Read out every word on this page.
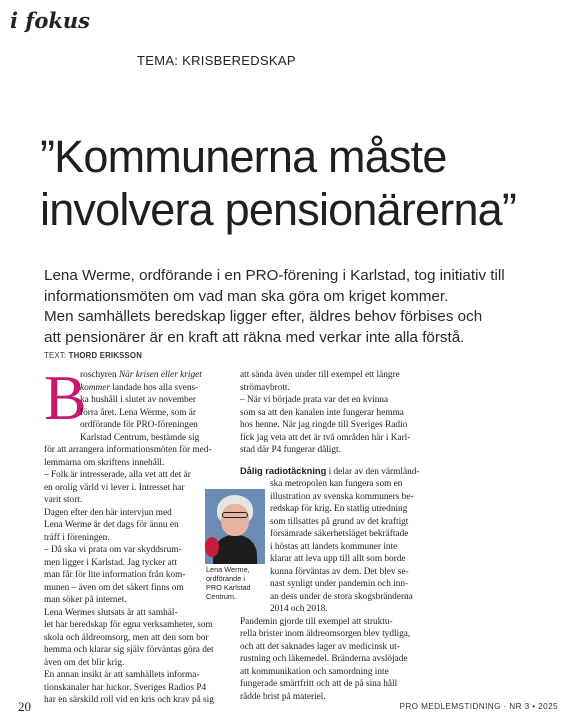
i fokus
TEMA: KRISBEREDSKAP
”Kommunerna måste
involvera pensionärerna”
Lena Werme, ordförande i en PRO-förening i Karlstad, tog initiativ till
informationsmöten om vad man ska göra om kriget kommer.
Men samhällets beredskap ligger efter, äldres behov förbises och
att pensionärer är en kraft att räkna med verkar inte alla förstå.
TEXT: THORD ERIKSSON
B

roschyren När krisen eller kriget

kommer landade hos alla svens-

ka hushåll i slutet av november

förra året. Lena Werme, som är

ordförande för PRO-föreningen

Karlstad Centrum, bestämde sig

för att arrangera informationsmöten för med-

lemmarna om skriftens innehåll.

– Folk är intresserade, alla vet att det är

en orolig värld vi lever i. Intresset har

varit stort.

Dagen efter den här intervjun med

Lena Werme är det dags för ännu en

träff i föreningen.

– Då ska vi prata om var skyddsrum-

men ligger i Karlstad. Jag tycker att

man får för lite information från kom-

munen – även om det säkert finns om

man söker på internet.

Lena Wermes slutsats är att samhäl-

let har beredskap för egna verksamheter, som

skola och äldreomsorg, men att den som bor

hemma och klarar sig själv förväntas göra det

även om det blir krig.

En annan insikt är att samhällets informa-

tionskanaler har luckor. Sveriges Radios P4

har en särskild roll vid en kris och krav på sig

att sända även under till exempel ett längre

strömavbrott.

– När vi började prata var det en kvinna

som sa att den kanalen inte fungerar hemma

hos henne. När jag ringde till Sveriges Radio

fick jag veta att det är två områden här i Karl-

stad där P4 fungerar dåligt.

Dålig radiotäckning i delar av den värmländ-

ska metropolen kan fungera som en

illustration av svenska kommuners be-

redskap för krig. En statlig utredning

som tillsattes på grund av det kraftigt

försämrade säkerhetsläget bekräftade

i höstas att landets kommuner inte

klarar att leva upp till allt som borde

kunna förväntas av dem. Det blev se-

nast synligt under pandemin och inn-

an dess under de stora skogsbränderna

2014 och 2018.

Pandemin gjorde till exempel att struktu-

rella brister inom äldreomsorgen blev tydliga,

och att det saknades lager av medicinsk ut-

rustning och läkemedel. Bränderna avslöjade

att kommunikation och samordning inte

fungerade smärtfritt och att de på sina håll

rådde brist på materiel.

Lena Werme,

ordförande i

PRO Karlstad

Centrum.

20	PRO MEDLEMSTIDNING · NR 3 • 2025
